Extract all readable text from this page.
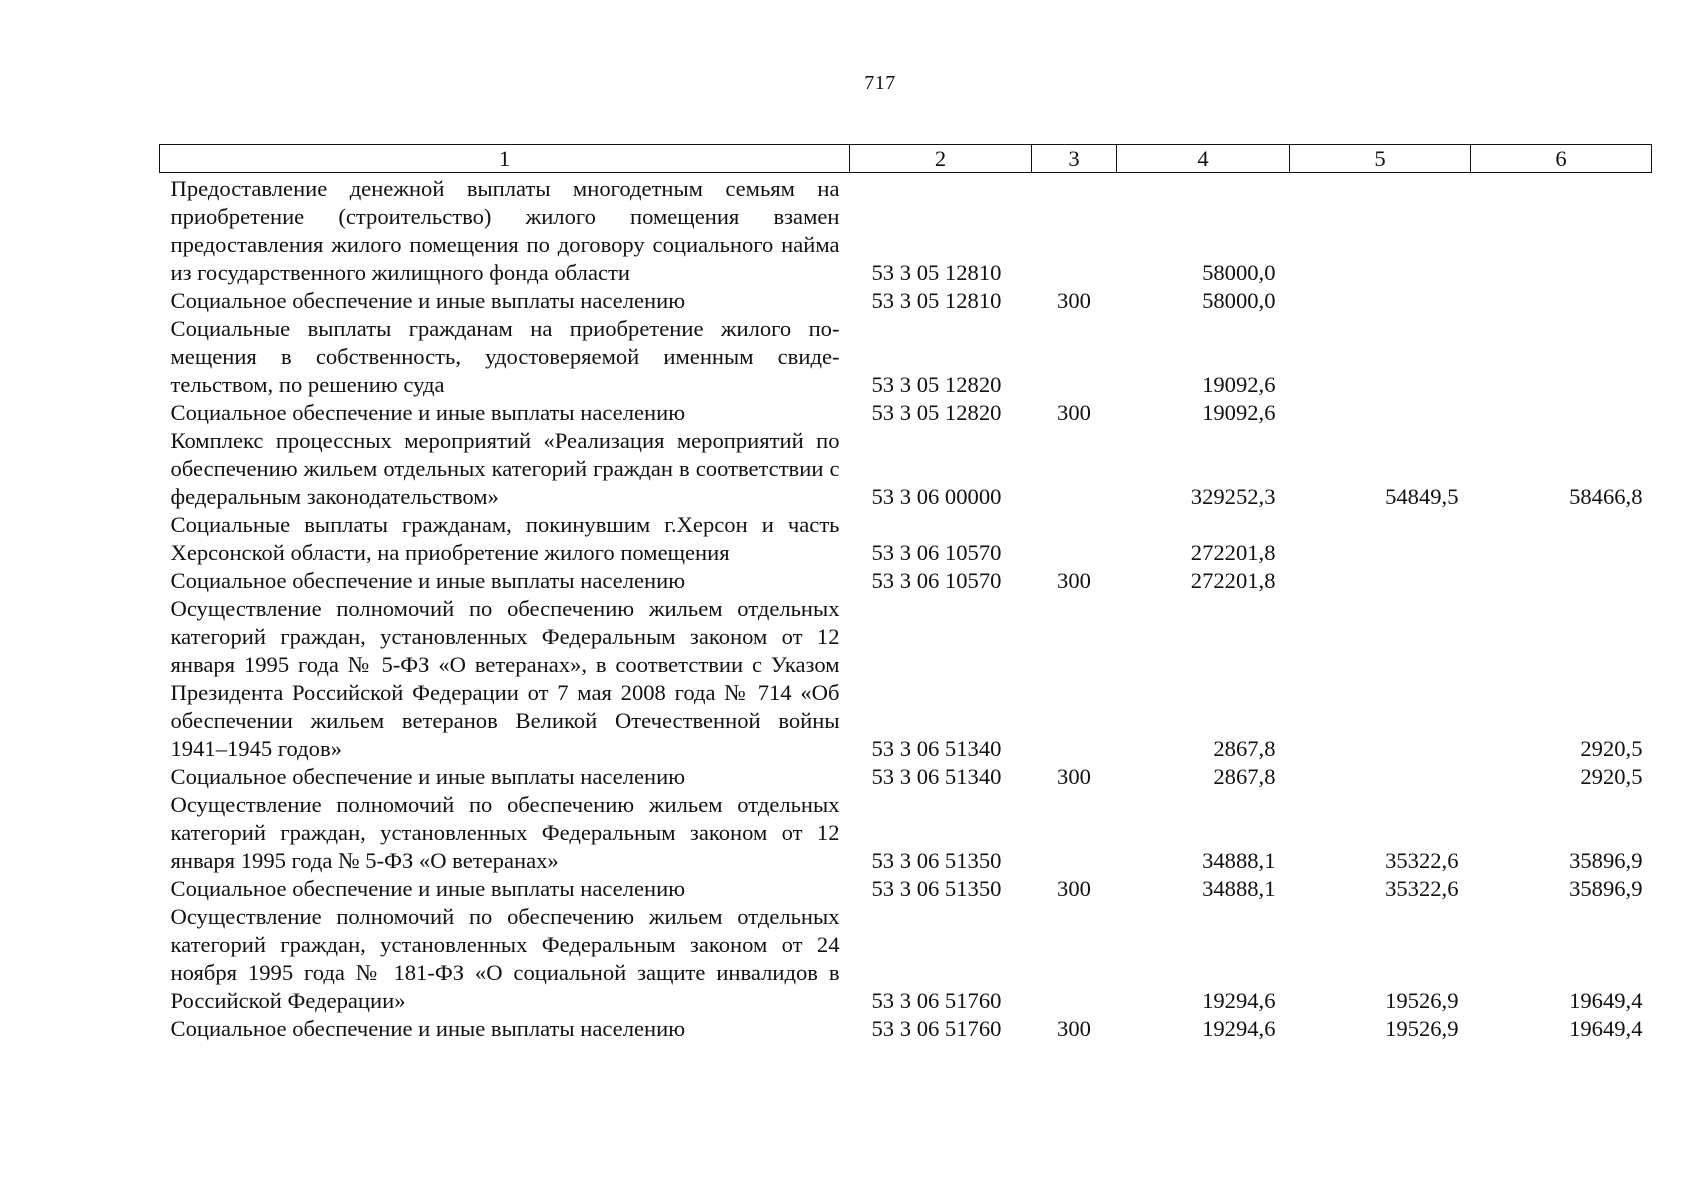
717
1	2	3	4	5	6
Предоставление денежной выплаты многодетным семьям на приобретение (строительство) жилого помещения взамен предоставления жилого помещения по договору социального найма из государственного жилищного фонда области	53 3 05 12810		58000,0		
Социальное обеспечение и иные выплаты населению	53 3 05 12810	300	58000,0		
Социальные выплаты гражданам на приобретение жилого помещения в собственность, удостоверяемой именным свидетельством, по решению суда	53 3 05 12820		19092,6		
Социальное обеспечение и иные выплаты населению	53 3 05 12820	300	19092,6		
Комплекс процессных мероприятий «Реализация мероприятий по обеспечению жильем отдельных категорий граждан в соответствии с федеральным законодательством»	53 3 06 00000		329252,3	54849,5	58466,8
Социальные выплаты гражданам, покинувшим г.Херсон и часть Херсонской области, на приобретение жилого помещения	53 3 06 10570		272201,8		
Социальное обеспечение и иные выплаты населению	53 3 06 10570	300	272201,8		
Осуществление полномочий по обеспечению жильем отдельных категорий граждан, установленных Федеральным законом от 12 января 1995 года № 5-ФЗ «О ветеранах», в соответствии с Указом Президента Российской Федерации от 7 мая 2008 года № 714 «Об обеспечении жильем ветеранов Великой Отечественной войны 1941–1945 годов»	53 3 06 51340		2867,8		2920,5
Социальное обеспечение и иные выплаты населению	53 3 06 51340	300	2867,8		2920,5
Осуществление полномочий по обеспечению жильем отдельных категорий граждан, установленных Федеральным законом от 12 января 1995 года № 5-ФЗ «О ветеранах»	53 3 06 51350		34888,1	35322,6	35896,9
Социальное обеспечение и иные выплаты населению	53 3 06 51350	300	34888,1	35322,6	35896,9
Осуществление полномочий по обеспечению жильем отдельных категорий граждан, установленных Федеральным законом от 24 ноября 1995 года № 181-ФЗ «О социальной защите инвалидов в Российской Федерации»	53 3 06 51760		19294,6	19526,9	19649,4
Социальное обеспечение и иные выплаты населению	53 3 06 51760	300	19294,6	19526,9	19649,4
